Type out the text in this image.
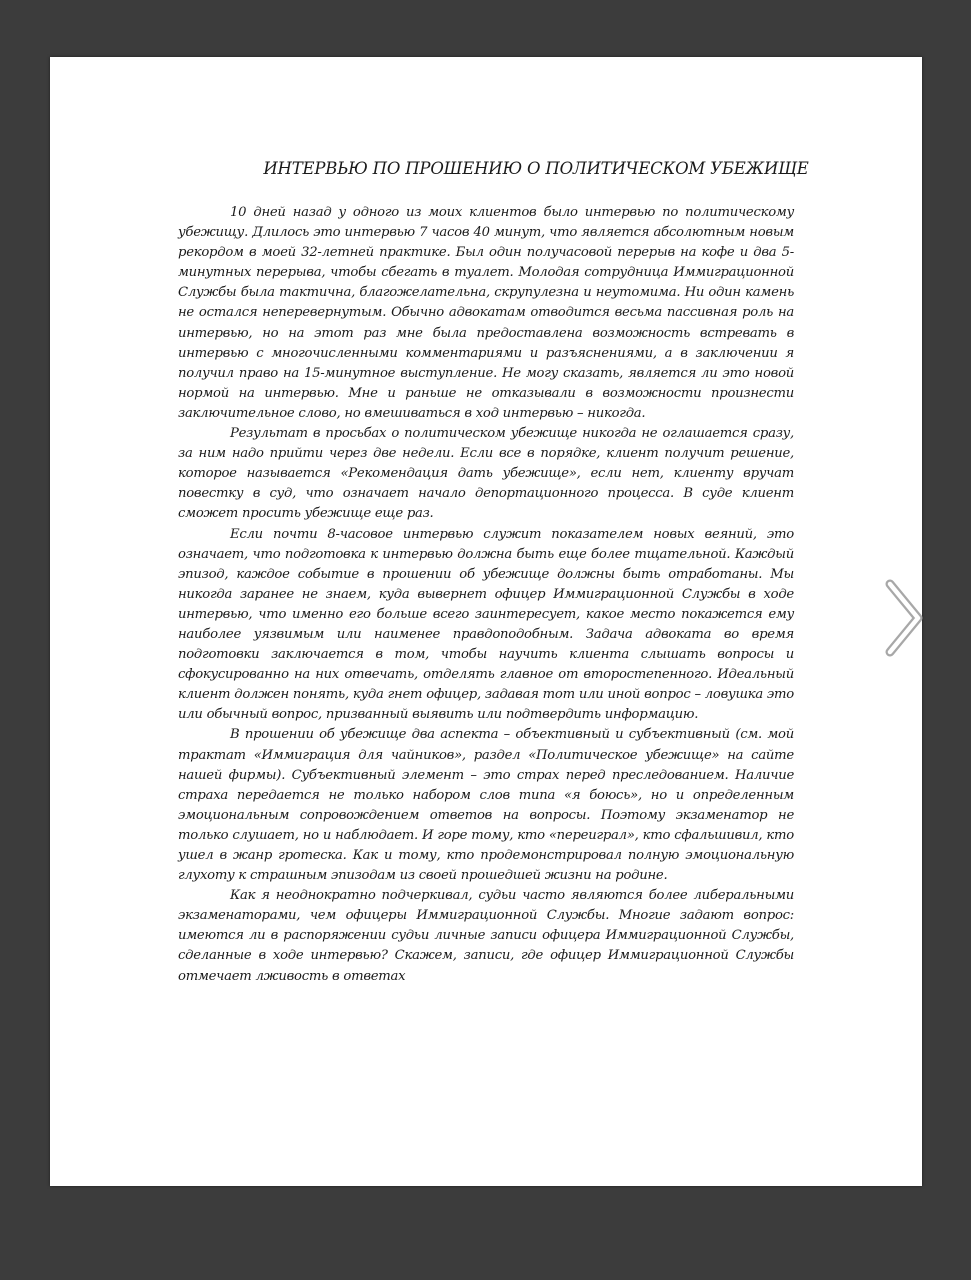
ИНТЕРВЬЮ ПО ПРОШЕНИЮ О ПОЛИТИЧЕСКОМ УБЕЖИЩЕ

10 дней назад у одного из моих клиентов было интервью по политическому убежищу. Длилось это интервью 7 часов 40 минут, что является абсолютным новым рекордом в моей 32-летней практике. Был один получасовой перерыв на кофе и два 5-минутных перерыва, чтобы сбегать в туалет. Молодая сотрудница Иммиграционной Службы была тактична, благожелательна, скрупулезна и неутомима. Ни один камень не остался неперевернутым. Обычно адвокатам отводится весьма пассивная роль на интервью, но на этот раз мне была предоставлена возможность встревать в интервью с многочисленными комментариями и разъяснениями, а в заключении я получил право на 15-минутное выступление. Не могу сказать, является ли это новой нормой на интервью. Мне и раньше не отказывали в возможности произнести заключительное слово, но вмешиваться в ход интервью – никогда.

Результат в просьбах о политическом убежище никогда не оглашается сразу, за ним надо прийти через две недели. Если все в порядке, клиент получит решение, которое называется «Рекомендация дать убежище», если нет, клиенту вручат повестку в суд, что означает начало депортационного процесса. В суде клиент сможет просить убежище еще раз.

Если почти 8-часовое интервью служит показателем новых веяний, это означает, что подготовка к интервью должна быть еще более тщательной. Каждый эпизод, каждое событие в прошении об убежище должны быть отработаны. Мы никогда заранее не знаем, куда вывернет офицер Иммиграционной Службы в ходе интервью, что именно его больше всего заинтересует, какое место покажется ему наиболее уязвимым или наименее правдоподобным. Задача адвоката во время подготовки заключается в том, чтобы научить клиента слышать вопросы и сфокусированно на них отвечать, отделять главное от второстепенного. Идеальный клиент должен понять, куда гнет офицер, задавая тот или иной вопрос – ловушка это или обычный вопрос, призванный выявить или подтвердить информацию.

В прошении об убежище два аспекта – объективный и субъективный (см. мой трактат «Иммиграция для чайников», раздел «Политическое убежище» на сайте нашей фирмы). Субъективный элемент – это страх перед преследованием. Наличие страха передается не только набором слов типа «я боюсь», но и определенным эмоциональным сопровождением ответов на вопросы. Поэтому экзаменатор не только слушает, но и наблюдает. И горе тому, кто «переиграл», кто сфальшивил, кто ушел в жанр гротеска. Как и тому, кто продемонстрировал полную эмоциональную глухоту к страшным эпизодам из своей прошедшей жизни на родине.

Как я неоднократно подчеркивал, судьи часто являются более либеральными экзаменаторами, чем офицеры Иммиграционной Службы. Многие задают вопрос: имеются ли в распоряжении судьи личные записи офицера Иммиграционной Службы, сделанные в ходе интервью? Скажем, записи, где офицер Иммиграционной Службы отмечает лживость в ответах
